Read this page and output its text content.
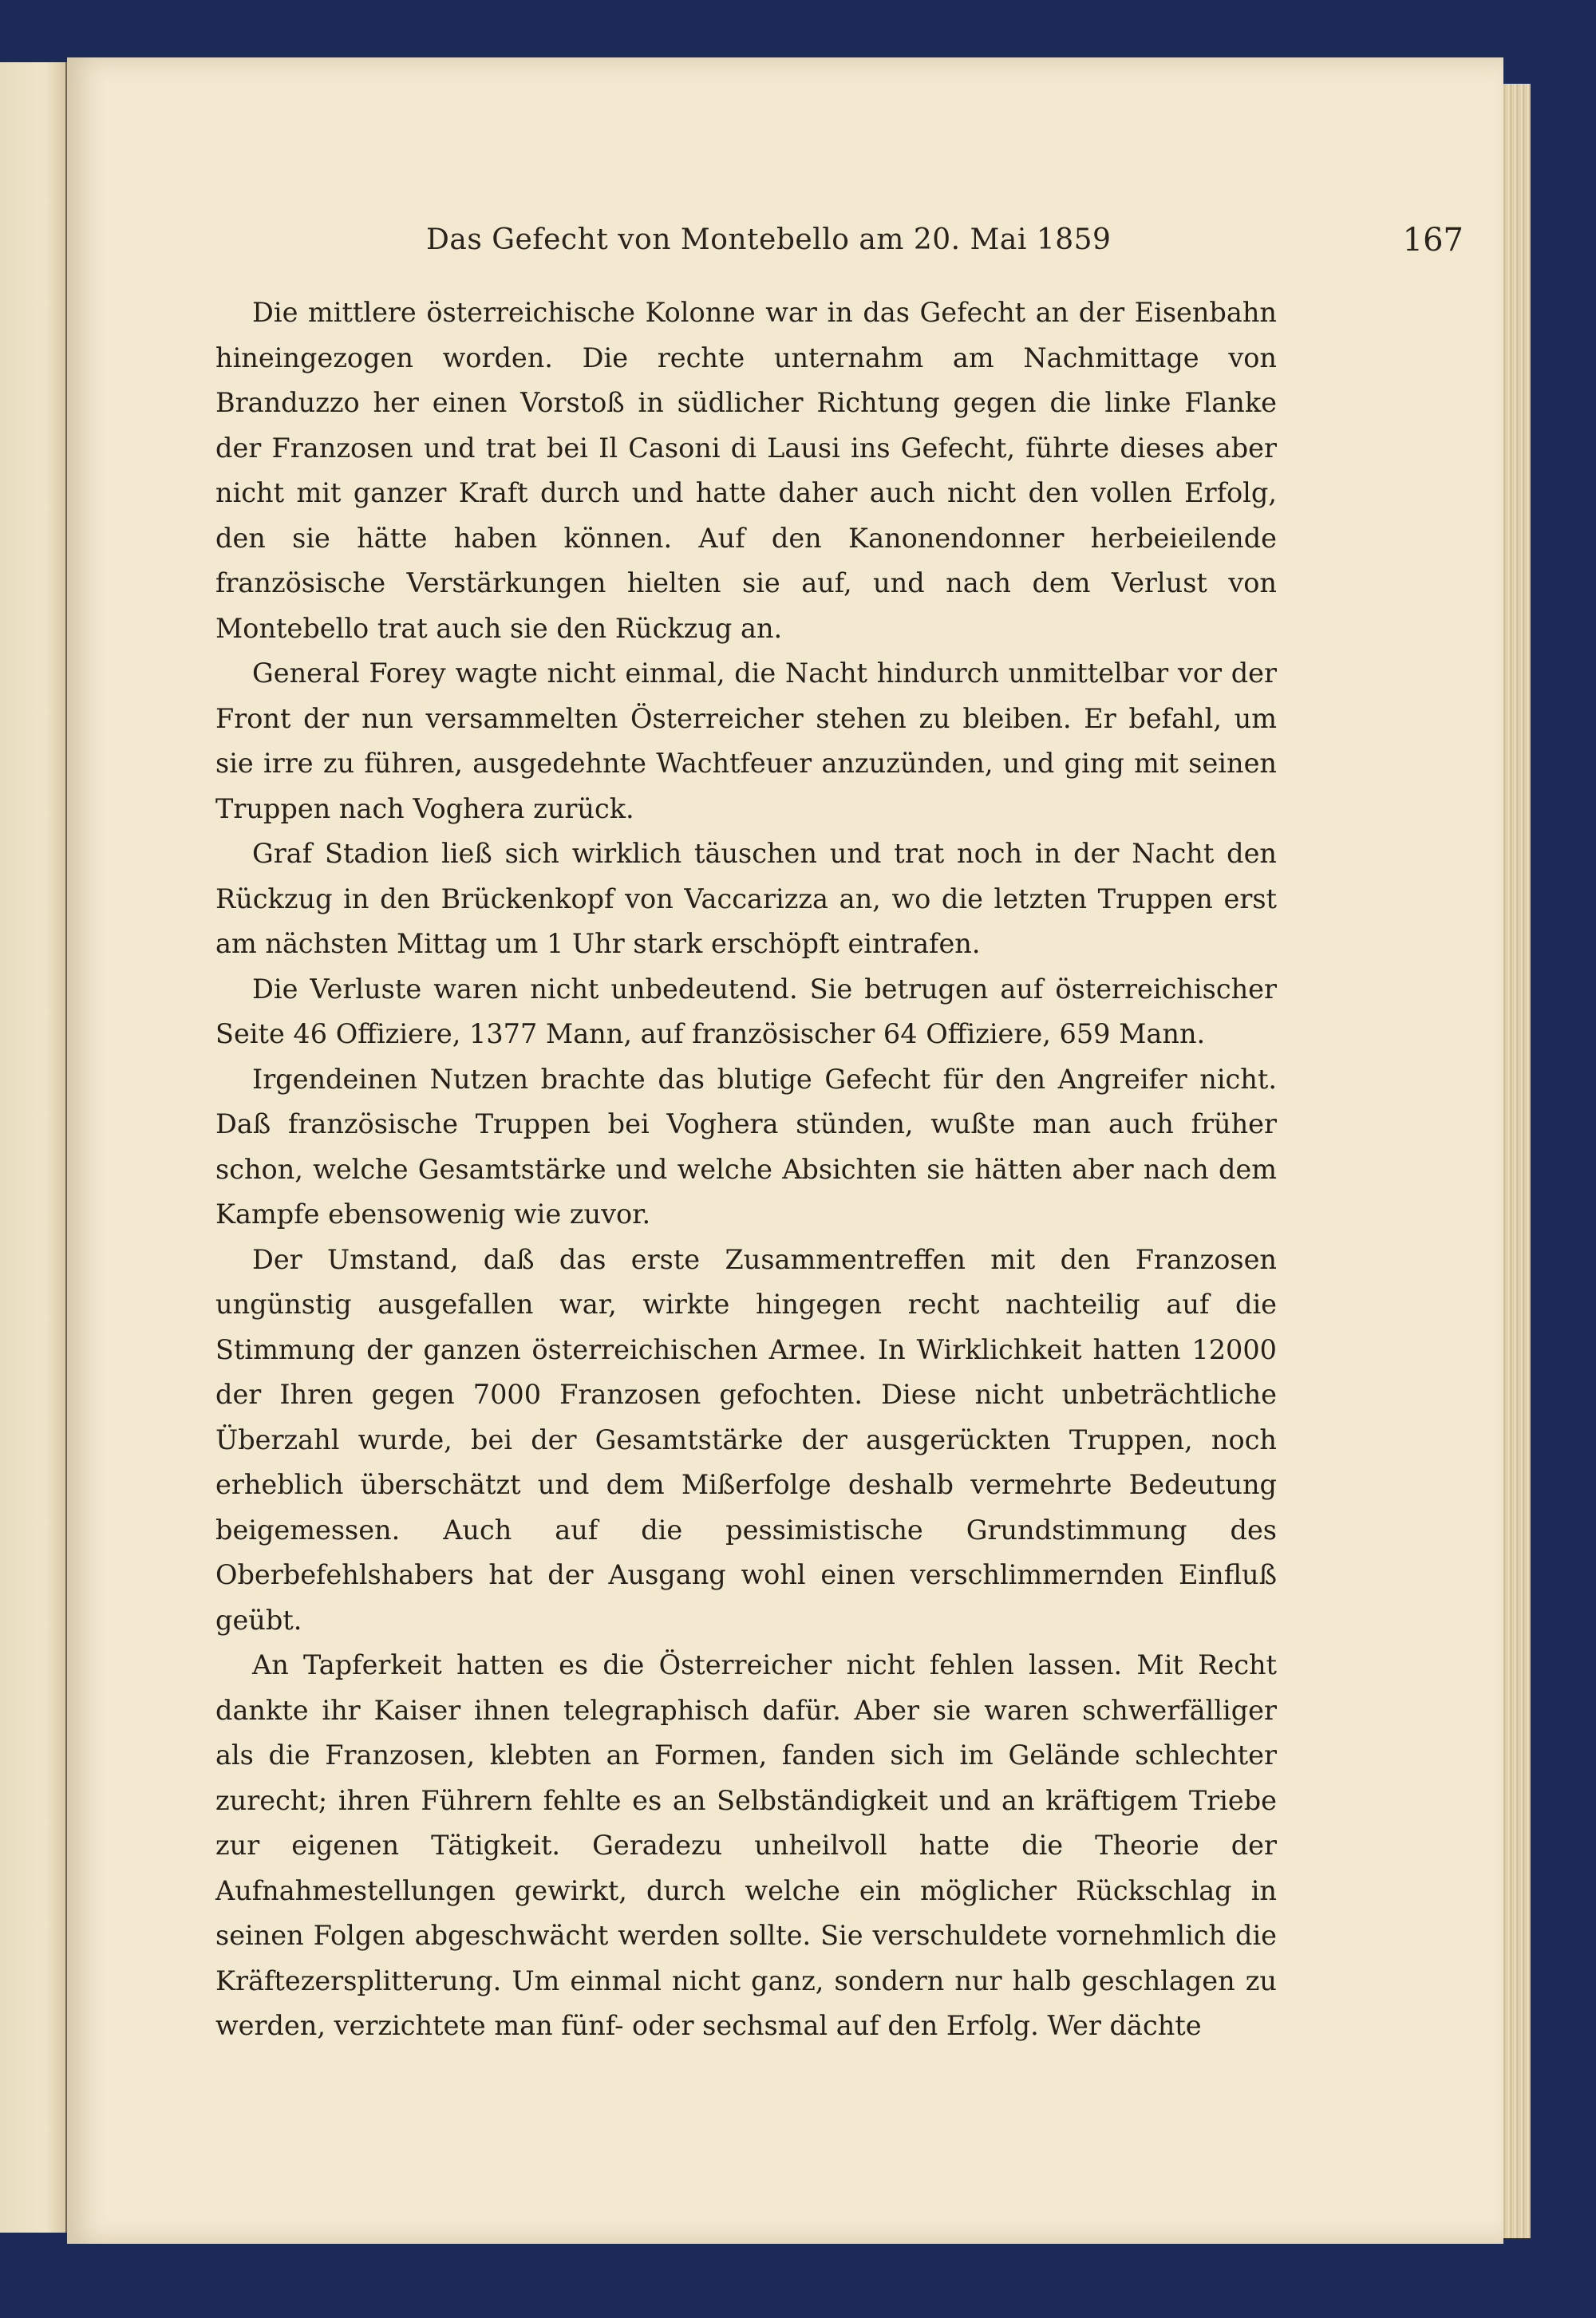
Das Gefecht von Montebello am 20. Mai 1859	167

Die mittlere österreichische Kolonne war in das Gefecht an der Eisenbahn hineingezogen worden. Die rechte unternahm am Nachmittage von Branduzzo her einen Vorstoß in südlicher Richtung gegen die linke Flanke der Franzosen und trat bei Il Casoni di Lausi ins Gefecht, führte dieses aber nicht mit ganzer Kraft durch und hatte daher auch nicht den vollen Erfolg, den sie hätte haben können. Auf den Kanonendonner herbeieilende französische Verstärkungen hielten sie auf, und nach dem Verlust von Montebello trat auch sie den Rückzug an.

General Forey wagte nicht einmal, die Nacht hindurch unmittelbar vor der Front der nun versammelten Österreicher stehen zu bleiben. Er befahl, um sie irre zu führen, ausgedehnte Wachtfeuer anzuzünden, und ging mit seinen Truppen nach Voghera zurück.

Graf Stadion ließ sich wirklich täuschen und trat noch in der Nacht den Rückzug in den Brückenkopf von Vaccarizza an, wo die letzten Truppen erst am nächsten Mittag um 1 Uhr stark erschöpft eintrafen.

Die Verluste waren nicht unbedeutend. Sie betrugen auf österreichischer Seite 46 Offiziere, 1377 Mann, auf französischer 64 Offiziere, 659 Mann.

Irgendeinen Nutzen brachte das blutige Gefecht für den Angreifer nicht. Daß französische Truppen bei Voghera stünden, wußte man auch früher schon, welche Gesamtstärke und welche Absichten sie hätten aber nach dem Kampfe ebensowenig wie zuvor.

Der Umstand, daß das erste Zusammentreffen mit den Franzosen ungünstig ausgefallen war, wirkte hingegen recht nachteilig auf die Stimmung der ganzen österreichischen Armee. In Wirklichkeit hatten 12000 der Ihren gegen 7000 Franzosen gefochten. Diese nicht unbeträchtliche Überzahl wurde, bei der Gesamtstärke der ausgerückten Truppen, noch erheblich überschätzt und dem Mißerfolge deshalb vermehrte Bedeutung beigemessen. Auch auf die pessimistische Grundstimmung des Oberbefehlshabers hat der Ausgang wohl einen verschlimmernden Einfluß geübt.

An Tapferkeit hatten es die Österreicher nicht fehlen lassen. Mit Recht dankte ihr Kaiser ihnen telegraphisch dafür. Aber sie waren schwerfälliger als die Franzosen, klebten an Formen, fanden sich im Gelände schlechter zurecht; ihren Führern fehlte es an Selbständigkeit und an kräftigem Triebe zur eigenen Tätigkeit. Geradezu unheilvoll hatte die Theorie der Aufnahmestellungen gewirkt, durch welche ein möglicher Rückschlag in seinen Folgen abgeschwächt werden sollte. Sie verschuldete vornehmlich die Kräftezersplitterung. Um einmal nicht ganz, sondern nur halb geschlagen zu werden, verzichtete man fünf- oder sechsmal auf den Erfolg. Wer dächte
